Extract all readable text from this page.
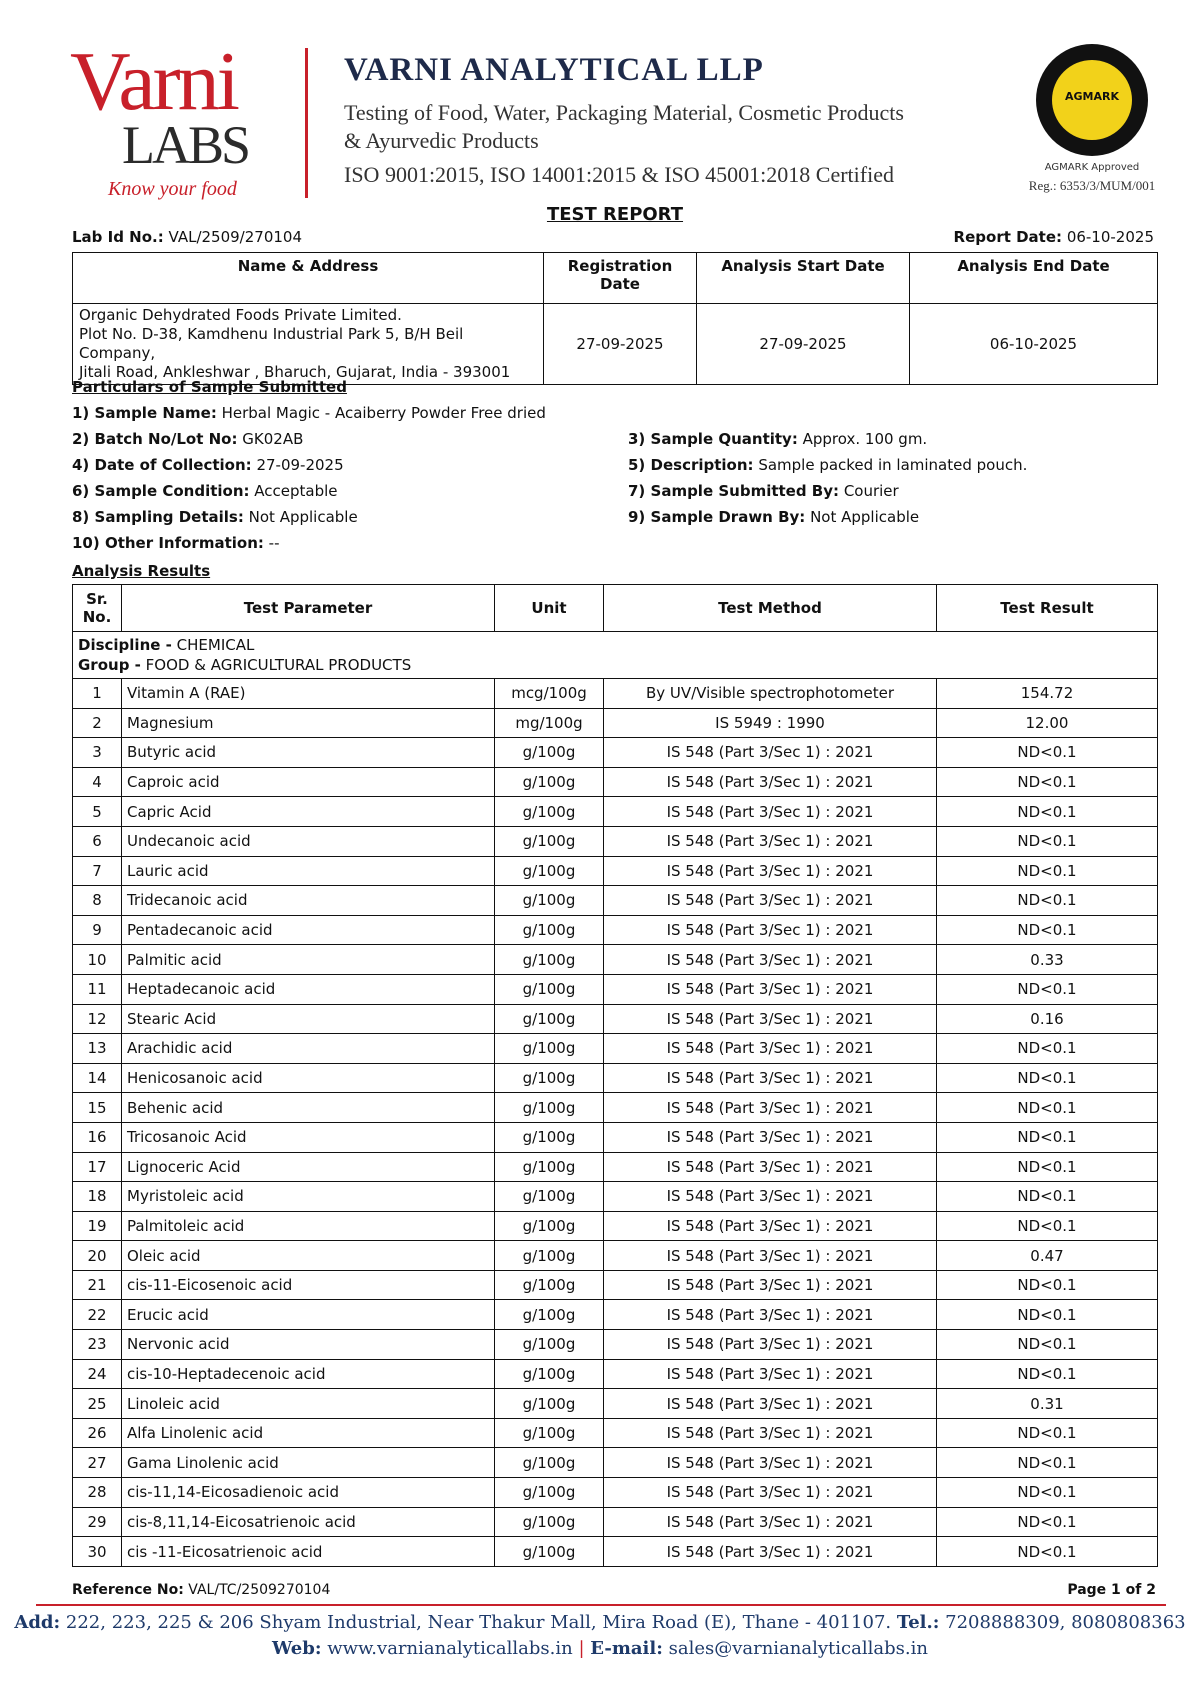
Varni
LABS
Know your food
VARNI ANALYTICAL LLP
Testing of Food, Water, Packaging Material, Cosmetic Products
& Ayurvedic Products
ISO 9001:2015, ISO 14001:2015 & ISO 45001:2018 Certified
AGMARK
AGMARK Approved
Reg.: 6353/3/MUM/001
TEST REPORT
Lab Id No.: VAL/2509/270104	Report Date: 06-10-2025
Name & Address	Registration Date	Analysis Start Date	Analysis End Date

Organic Dehydrated Foods Private Limited.
Plot No. D-38, Kamdhenu Industrial Park 5, B/H Beil Company,
Jitali Road, Ankleshwar , Bharuch, Gujarat, India - 393001	27-09-2025	27-09-2025	06-10-2025
Particulars of Sample Submitted
1) Sample Name: Herbal Magic - Acaiberry Powder Free dried
2) Batch No/Lot No: GK02AB	3) Sample Quantity: Approx. 100 gm.
4) Date of Collection: 27-09-2025	5) Description: Sample packed in laminated pouch.
6) Sample Condition: Acceptable	7) Sample Submitted By: Courier
8) Sampling Details: Not Applicable	9) Sample Drawn By: Not Applicable
10) Other Information: --
Analysis Results
Sr. No.	Test Parameter	Unit	Test Method	Test Result

Discipline - CHEMICAL
Group - FOOD & AGRICULTURAL PRODUCTS				

1	Vitamin A (RAE)	mcg/100g	By UV/Visible spectrophotometer	154.72
2	Magnesium	mg/100g	IS 5949 : 1990	12.00
3	Butyric acid	g/100g	IS 548 (Part 3/Sec 1) : 2021	ND<0.1
4	Caproic acid	g/100g	IS 548 (Part 3/Sec 1) : 2021	ND<0.1
5	Capric Acid	g/100g	IS 548 (Part 3/Sec 1) : 2021	ND<0.1
6	Undecanoic acid	g/100g	IS 548 (Part 3/Sec 1) : 2021	ND<0.1
7	Lauric acid	g/100g	IS 548 (Part 3/Sec 1) : 2021	ND<0.1
8	Tridecanoic acid	g/100g	IS 548 (Part 3/Sec 1) : 2021	ND<0.1
9	Pentadecanoic acid	g/100g	IS 548 (Part 3/Sec 1) : 2021	ND<0.1
10	Palmitic acid	g/100g	IS 548 (Part 3/Sec 1) : 2021	0.33
11	Heptadecanoic acid	g/100g	IS 548 (Part 3/Sec 1) : 2021	ND<0.1
12	Stearic Acid	g/100g	IS 548 (Part 3/Sec 1) : 2021	0.16
13	Arachidic acid	g/100g	IS 548 (Part 3/Sec 1) : 2021	ND<0.1
14	Henicosanoic acid	g/100g	IS 548 (Part 3/Sec 1) : 2021	ND<0.1
15	Behenic acid	g/100g	IS 548 (Part 3/Sec 1) : 2021	ND<0.1
16	Tricosanoic Acid	g/100g	IS 548 (Part 3/Sec 1) : 2021	ND<0.1
17	Lignoceric Acid	g/100g	IS 548 (Part 3/Sec 1) : 2021	ND<0.1
18	Myristoleic acid	g/100g	IS 548 (Part 3/Sec 1) : 2021	ND<0.1
19	Palmitoleic acid	g/100g	IS 548 (Part 3/Sec 1) : 2021	ND<0.1
20	Oleic acid	g/100g	IS 548 (Part 3/Sec 1) : 2021	0.47
21	cis-11-Eicosenoic acid	g/100g	IS 548 (Part 3/Sec 1) : 2021	ND<0.1
22	Erucic acid	g/100g	IS 548 (Part 3/Sec 1) : 2021	ND<0.1
23	Nervonic acid	g/100g	IS 548 (Part 3/Sec 1) : 2021	ND<0.1
24	cis-10-Heptadecenoic acid	g/100g	IS 548 (Part 3/Sec 1) : 2021	ND<0.1
25	Linoleic acid	g/100g	IS 548 (Part 3/Sec 1) : 2021	0.31
26	Alfa Linolenic acid	g/100g	IS 548 (Part 3/Sec 1) : 2021	ND<0.1
27	Gama Linolenic acid	g/100g	IS 548 (Part 3/Sec 1) : 2021	ND<0.1
28	cis-11,14-Eicosadienoic acid	g/100g	IS 548 (Part 3/Sec 1) : 2021	ND<0.1
29	cis-8,11,14-Eicosatrienoic acid	g/100g	IS 548 (Part 3/Sec 1) : 2021	ND<0.1
30	cis -11-Eicosatrienoic acid	g/100g	IS 548 (Part 3/Sec 1) : 2021	ND<0.1
Reference No: VAL/TC/2509270104	Page 1 of 2
Add: 222, 223, 225 & 206 Shyam Industrial, Near Thakur Mall, Mira Road (E), Thane - 401107. Tel.: 7208888309, 8080808363
Web: www.varnianalyticallabs.in | E-mail: sales@varnianalyticallabs.in
